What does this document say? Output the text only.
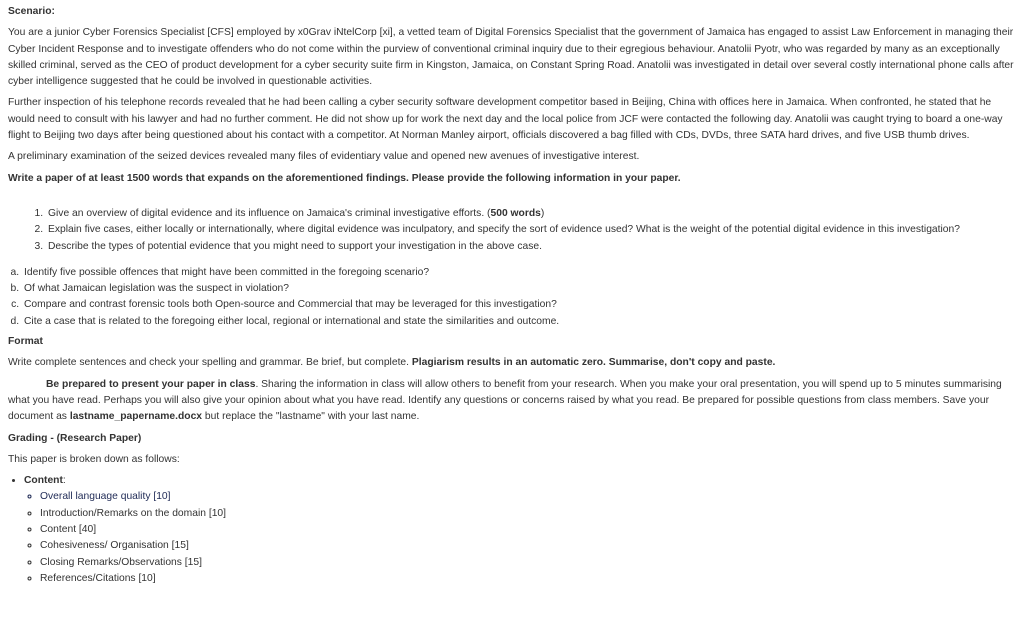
Scenario:

You are a junior Cyber Forensics Specialist [CFS] employed by x0Grav iNtelCorp [xi], a vetted team of Digital Forensics Specialist that the government of Jamaica has engaged to assist Law Enforcement in managing their Cyber Incident Response and to investigate offenders who do not come within the purview of conventional criminal inquiry due to their egregious behaviour. Anatolii Pyotr, who was regarded by many as an exceptionally skilled criminal, served as the CEO of product development for a cyber security suite firm in Kingston, Jamaica, on Constant Spring Road. Anatolii was investigated in detail over several costly international phone calls after cyber intelligence suggested that he could be involved in questionable activities.

Further inspection of his telephone records revealed that he had been calling a cyber security software development competitor based in Beijing, China with offices here in Jamaica. When confronted, he stated that he would need to consult with his lawyer and had no further comment. He did not show up for work the next day and the local police from JCF were contacted the following day. Anatolii was caught trying to board a one-way flight to Beijing two days after being questioned about his contact with a competitor. At Norman Manley airport, officials discovered a bag filled with CDs, DVDs, three SATA hard drives, and five USB thumb drives.

A preliminary examination of the seized devices revealed many files of evidentiary value and opened new avenues of investigative interest.

Write a paper of at least 1500 words that expands on the aforementioned findings. Please provide the following information in your paper.

1. Give an overview of digital evidence and its influence on Jamaica's criminal investigative efforts. (500 words)
2. Explain five cases, either locally or internationally, where digital evidence was inculpatory, and specify the sort of evidence used? What is the weight of the potential digital evidence in this investigation?
3. Describe the types of potential evidence that you might need to support your investigation in the above case.
a. Identify five possible offences that might have been committed in the foregoing scenario?
b. Of what Jamaican legislation was the suspect in violation?
c. Compare and contrast forensic tools both Open-source and Commercial that may be leveraged for this investigation?
d. Cite a case that is related to the foregoing either local, regional or international and state the similarities and outcome.
Format

Write complete sentences and check your spelling and grammar. Be brief, but complete. Plagiarism results in an automatic zero. Summarise, don't copy and paste.

Be prepared to present your paper in class. Sharing the information in class will allow others to benefit from your research. When you make your oral presentation, you will spend up to 5 minutes summarising what you have read. Perhaps you will also give your opinion about what you have read. Identify any questions or concerns raised by what you read. Be prepared for possible questions from class members. Save your document as lastname_papername.docx but replace the "lastname" with your last name.

Grading - (Research Paper)

This paper is broken down as follows:

• Content:
◦ Overall language quality [10]
◦ Introduction/Remarks on the domain [10]
◦ Content [40]
◦ Cohesiveness/ Organisation [15]
◦ Closing Remarks/Observations [15]
◦ References/Citations [10]
